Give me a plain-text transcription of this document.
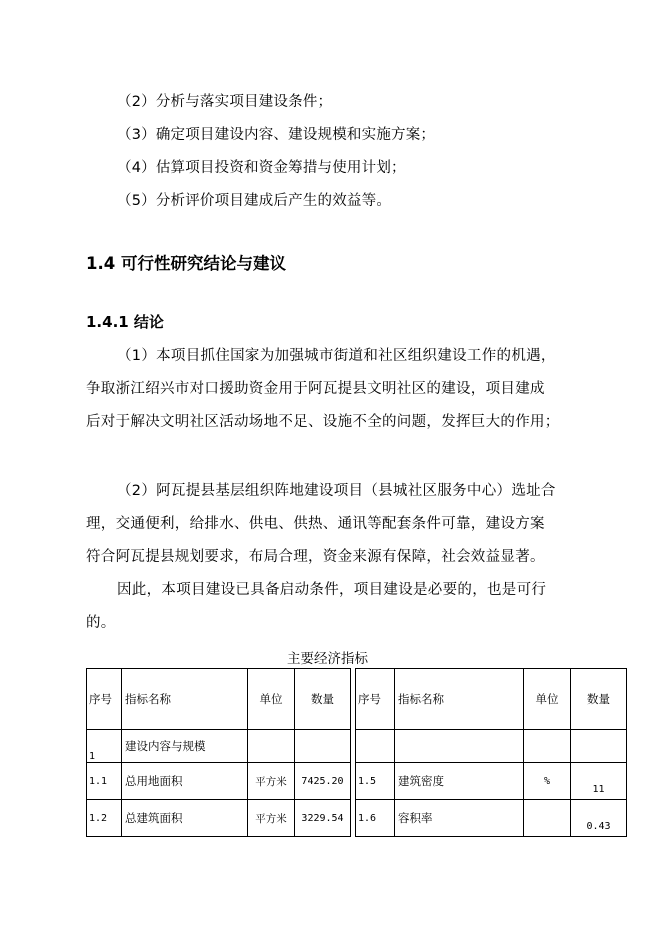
（2）分析与落实项目建设条件；
（3）确定项目建设内容、建设规模和实施方案；
（4）估算项目投资和资金筹措与使用计划；
（5）分析评价项目建成后产生的效益等。
1.4 可行性研究结论与建议
1.4.1 结论
（1）本项目抓住国家为加强城市街道和社区组织建设工作的机遇，
争取浙江绍兴市对口援助资金用于阿瓦提县文明社区的建设，项目建成
后对于解决文明社区活动场地不足、设施不全的问题，发挥巨大的作用；
（2）阿瓦提县基层组织阵地建设项目（县城社区服务中心）选址合
理，交通便利，给排水、供电、供热、通讯等配套条件可靠，建设方案
符合阿瓦提县规划要求，布局合理，资金来源有保障，社会效益显著。
因此，本项目建设已具备启动条件，项目建设是必要的，也是可行
的。
主要经济指标
序号	指标名称	单位	数量		序号	指标名称	单位	数量
1	建设内容与规模							
1.1	总用地面积	平方米	7425.20		1.5	建筑密度	%	11
1.2	总建筑面积	平方米	3229.54		1.6	容积率		0.43
